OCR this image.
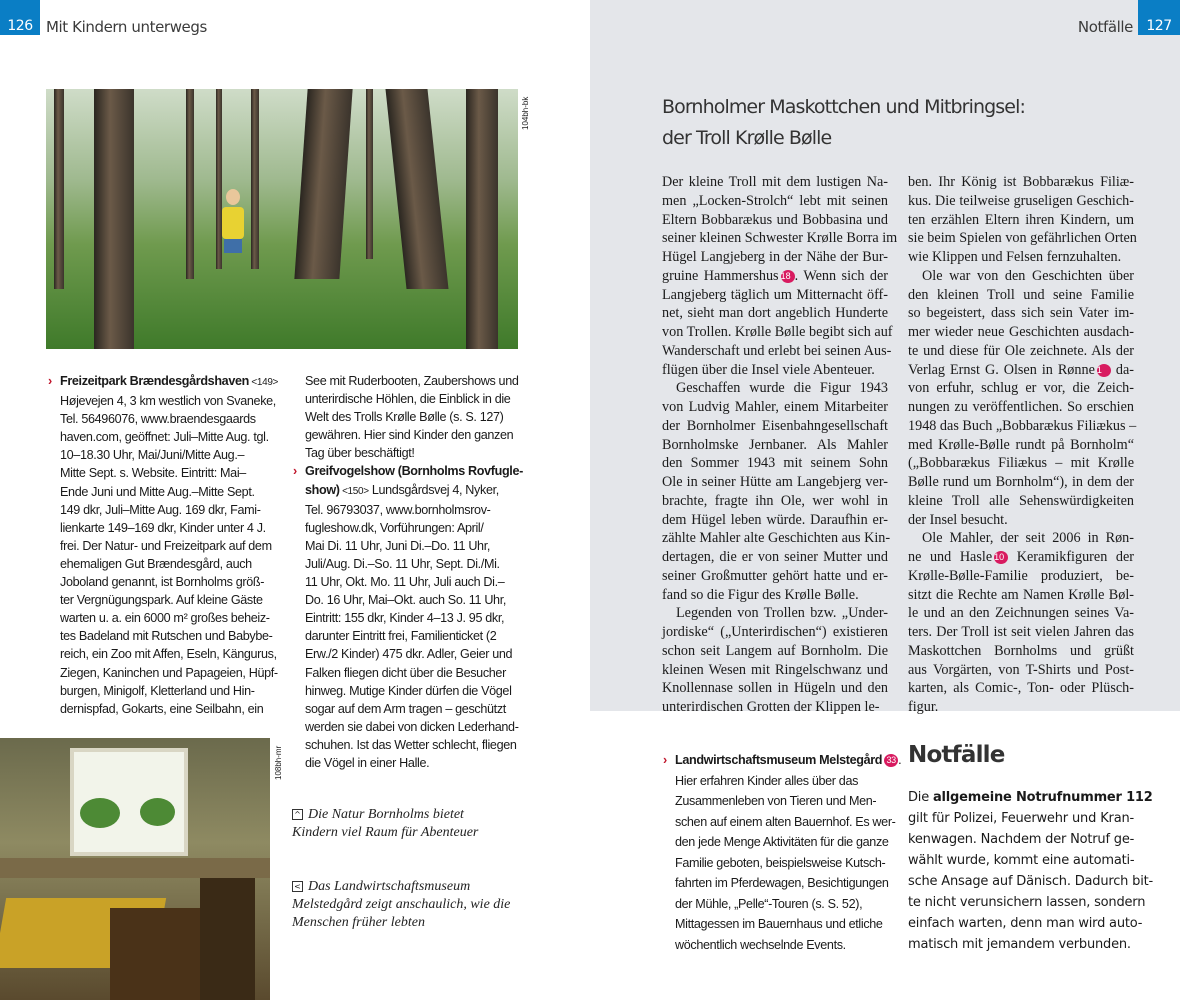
126 Mit Kindern unterwegs	Notfälle 127
104bh-bk
108bh-mr
› Freizeitpark Brændesgårdshaven <149>
Højevejen 4, 3 km westlich von Svaneke,
Tel. 56496076, www.braendesgaards
haven.com, geöffnet: Juli–Mitte Aug. tgl.
10–18.30 Uhr, Mai/Juni/Mitte Aug.–
Mitte Sept. s. Website. Eintritt: Mai–
Ende Juni und Mitte Aug.–Mitte Sept.
149 dkr, Juli–Mitte Aug. 169 dkr, Fami-
lienkarte 149–169 dkr, Kinder unter 4 J.
frei. Der Natur- und Freizeitpark auf dem
ehemaligen Gut Brændesgård, auch
Joboland genannt, ist Bornholms größ-
ter Vergnügungspark. Auf kleine Gäste
warten u. a. ein 6000 m² großes beheiz-
tes Badeland mit Rutschen und Babybe-
reich, ein Zoo mit Affen, Eseln, Kängurus,
Ziegen, Kaninchen und Papageien, Hüpf-
burgen, Minigolf, Kletterland und Hin-
dernispfad, Gokarts, eine Seilbahn, ein
See mit Ruderbooten, Zaubershows und
unterirdische Höhlen, die Einblick in die
Welt des Trolls Krølle Bølle (s. S. 127)
gewähren. Hier sind Kinder den ganzen
Tag über beschäftigt!
› Greifvogelshow (Bornholms Rovfugle-
show) <150> Lundsgårdsvej 4, Nyker,
Tel. 96793037, www.bornholmsrov-
fugleshow.dk, Vorführungen: April/
Mai Di. 11 Uhr, Juni Di.–Do. 11 Uhr,
Juli/Aug. Di.–So. 11 Uhr, Sept. Di./Mi.
11 Uhr, Okt. Mo. 11 Uhr, Juli auch Di.–
Do. 16 Uhr, Mai–Okt. auch So. 11 Uhr,
Eintritt: 155 dkr, Kinder 4–13 J. 95 dkr,
darunter Eintritt frei, Familienticket (2
Erw./2 Kinder) 475 dkr. Adler, Geier und
Falken fliegen dicht über die Besucher
hinweg. Mutige Kinder dürfen die Vögel
sogar auf dem Arm tragen – geschützt
werden sie dabei von dicken Lederhand-
schuhen. Ist das Wetter schlecht, fliegen
die Vögel in einer Halle.
^ Die Natur Bornholms bietet
Kindern viel Raum für Abenteuer
< Das Landwirtschaftsmuseum
Melstedgård zeigt anschaulich, wie die
Menschen früher lebten
Bornholmer Maskottchen und Mitbringsel:
der Troll Krølle Bølle
Der kleine Troll mit dem lustigen Na-
men „Locken-Strolch“ lebt mit seinen
Eltern Bobbarækus und Bobbasina und
seiner kleinen Schwester Krølle Borra im
Hügel Langjeberg in der Nähe der Bur-
gruine Hammershus 18 . Wenn sich der
Langjeberg täglich um Mitternacht öff-
net, sieht man dort angeblich Hunderte
von Trollen. Krølle Bølle begibt sich auf
Wanderschaft und erlebt bei seinen Aus-
flügen über die Insel viele Abenteuer.
Geschaffen wurde die Figur 1943
von Ludvig Mahler, einem Mitarbeiter
der Bornholmer Eisenbahngesellschaft
Bornholmske Jernbaner. Als Mahler
den Sommer 1943 mit seinem Sohn
Ole in seiner Hütte am Langebjerg ver-
brachte, fragte ihn Ole, wer wohl in
dem Hügel leben würde. Daraufhin er-
zählte Mahler alte Geschichten aus Kin-
dertagen, die er von seiner Mutter und
seiner Großmutter gehört hatte und er-
fand so die Figur des Krølle Bølle.
Legenden von Trollen bzw. „Under-
jordiske“ („Unterirdischen“) existieren
schon seit Langem auf Bornholm. Die
kleinen Wesen mit Ringelschwanz und
Knollennase sollen in Hügeln und den
unterirdischen Grotten der Klippen le-
ben. Ihr König ist Bobbarækus Filiæ-
kus. Die teilweise gruseligen Geschich-
ten erzählen Eltern ihren Kindern, um
sie beim Spielen von gefährlichen Orten
wie Klippen und Felsen fernzuhalten.
Ole war von den Geschichten über
den kleinen Troll und seine Familie
so begeistert, dass sich sein Vater im-
mer wieder neue Geschichten ausdach-
te und diese für Ole zeichnete. Als der
Verlag Ernst G. Olsen in Rønne 1 da-
von erfuhr, schlug er vor, die Zeich-
nungen zu veröffentlichen. So erschien
1948 das Buch „Bobbarækus Filiækus –
med Krølle-Bølle rundt på Bornholm“
(„Bobbarækus Filiækus – mit Krølle
Bølle rund um Bornholm“), in dem der
kleine Troll alle Sehenswürdigkeiten
der Insel besucht.
Ole Mahler, der seit 2006 in Røn-
ne und Hasle 10 Keramikfiguren der
Krølle-Bølle-Familie produziert, be-
sitzt die Rechte am Namen Krølle Bøl-
le und an den Zeichnungen seines Va-
ters. Der Troll ist seit vielen Jahren das
Maskottchen Bornholms und grüßt
aus Vorgärten, von T-Shirts und Post-
karten, als Comic-, Ton- oder Plüsch-
figur.
› Landwirtschaftsmuseum Melstegård 33 .
Hier erfahren Kinder alles über das
Zusammenleben von Tieren und Men-
schen auf einem alten Bauernhof. Es wer-
den jede Menge Aktivitäten für die ganze
Familie geboten, beispielsweise Kutsch-
fahrten im Pferdewagen, Besichtigungen
der Mühle, „Pelle“-Touren (s. S. 52),
Mittagessen im Bauernhaus und etliche
wöchentlich wechselnde Events.
Notfälle
Die allgemeine Notrufnummer 112
gilt für Polizei, Feuerwehr und Kran-
kenwagen. Nachdem der Notruf ge-
wählt wurde, kommt eine automati-
sche Ansage auf Dänisch. Dadurch bit-
te nicht verunsichern lassen, sondern
einfach warten, denn man wird auto-
matisch mit jemandem verbunden.
